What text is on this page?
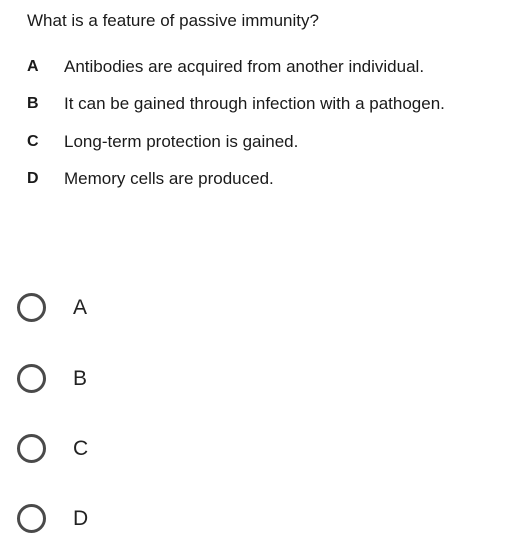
What is a feature of passive immunity?
A Antibodies are acquired from another individual.
B It can be gained through infection with a pathogen.
C Long-term protection is gained.
D Memory cells are produced.
A
B
C
D
